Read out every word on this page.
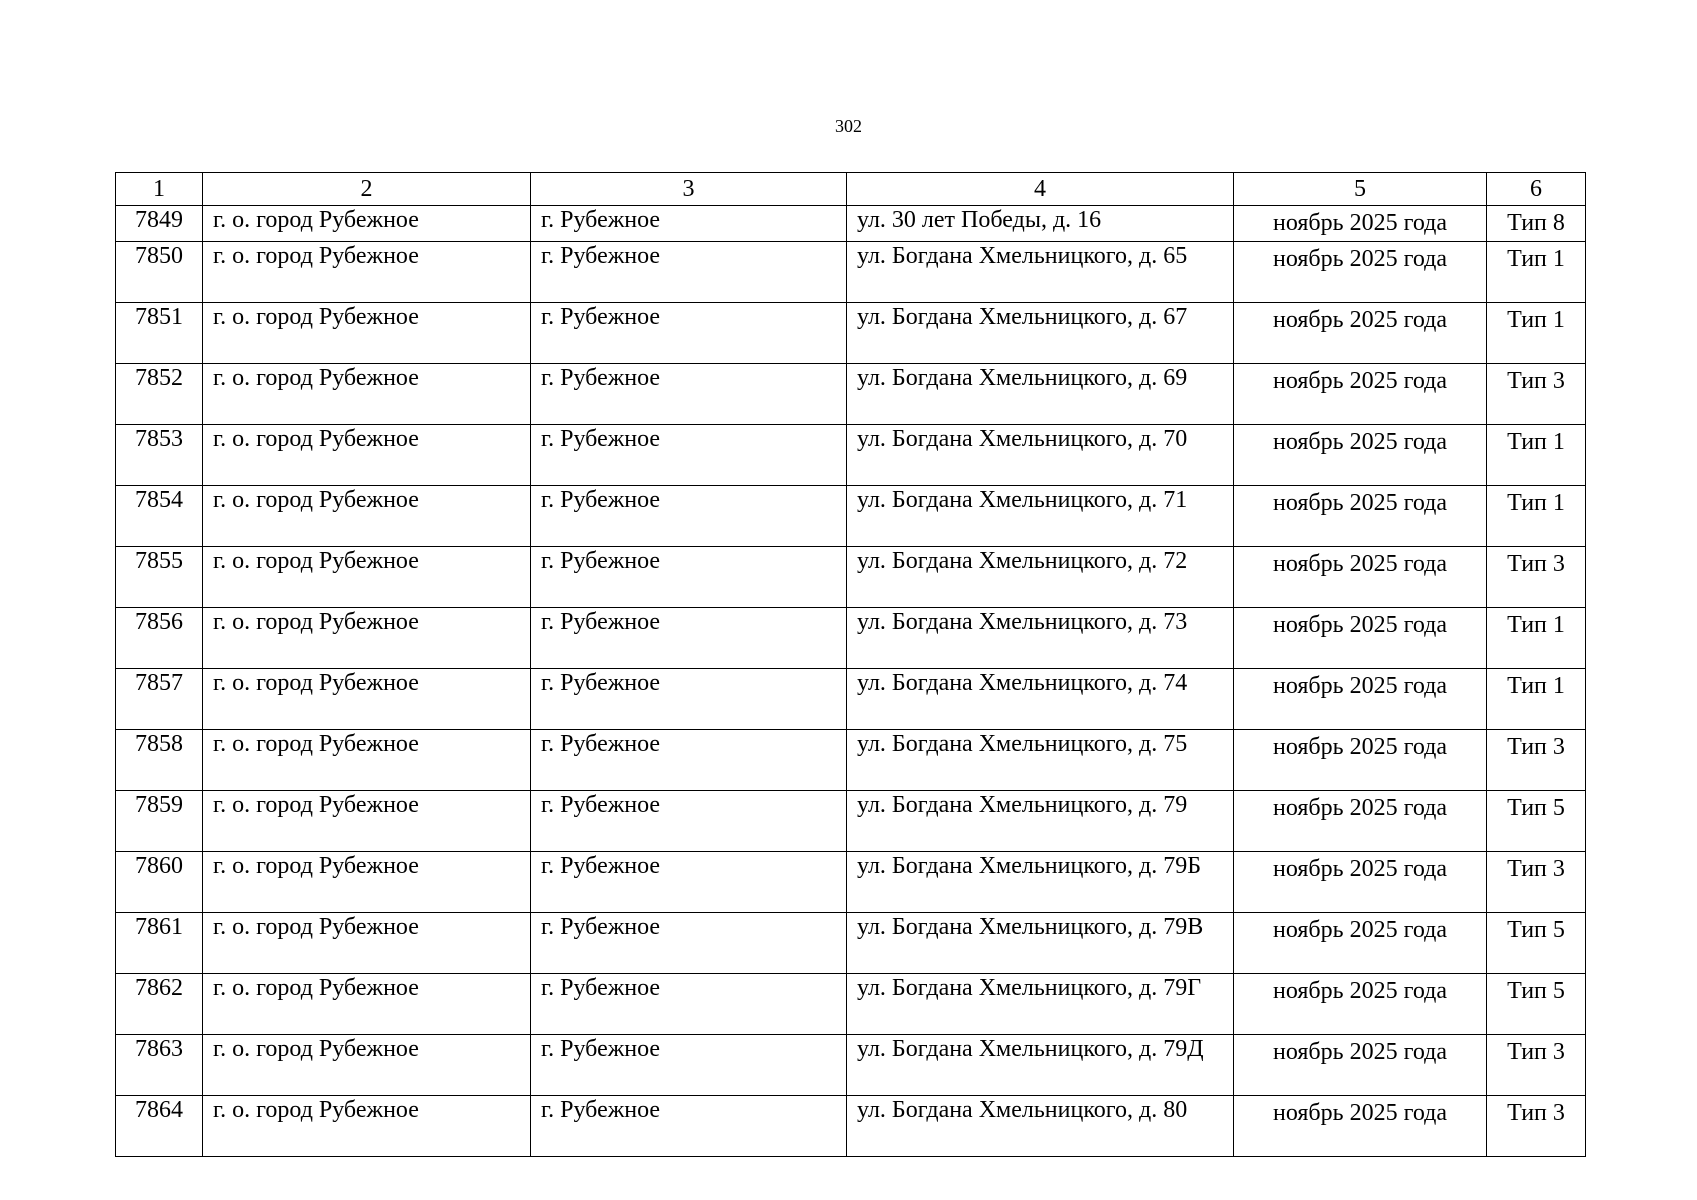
302
1	2	3	4	5	6

7849	г. о. город Рубежное	г. Рубежное	ул. 30 лет Победы, д. 16	ноябрь 2025 года	Тип 8
7850	г. о. город Рубежное	г. Рубежное	ул. Богдана Хмельницкого, д. 65	ноябрь 2025 года	Тип 1
7851	г. о. город Рубежное	г. Рубежное	ул. Богдана Хмельницкого, д. 67	ноябрь 2025 года	Тип 1
7852	г. о. город Рубежное	г. Рубежное	ул. Богдана Хмельницкого, д. 69	ноябрь 2025 года	Тип 3
7853	г. о. город Рубежное	г. Рубежное	ул. Богдана Хмельницкого, д. 70	ноябрь 2025 года	Тип 1
7854	г. о. город Рубежное	г. Рубежное	ул. Богдана Хмельницкого, д. 71	ноябрь 2025 года	Тип 1
7855	г. о. город Рубежное	г. Рубежное	ул. Богдана Хмельницкого, д. 72	ноябрь 2025 года	Тип 3
7856	г. о. город Рубежное	г. Рубежное	ул. Богдана Хмельницкого, д. 73	ноябрь 2025 года	Тип 1
7857	г. о. город Рубежное	г. Рубежное	ул. Богдана Хмельницкого, д. 74	ноябрь 2025 года	Тип 1
7858	г. о. город Рубежное	г. Рубежное	ул. Богдана Хмельницкого, д. 75	ноябрь 2025 года	Тип 3
7859	г. о. город Рубежное	г. Рубежное	ул. Богдана Хмельницкого, д. 79	ноябрь 2025 года	Тип 5
7860	г. о. город Рубежное	г. Рубежное	ул. Богдана Хмельницкого, д. 79Б	ноябрь 2025 года	Тип 3
7861	г. о. город Рубежное	г. Рубежное	ул. Богдана Хмельницкого, д. 79В	ноябрь 2025 года	Тип 5
7862	г. о. город Рубежное	г. Рубежное	ул. Богдана Хмельницкого, д. 79Г	ноябрь 2025 года	Тип 5
7863	г. о. город Рубежное	г. Рубежное	ул. Богдана Хмельницкого, д. 79Д	ноябрь 2025 года	Тип 3
7864	г. о. город Рубежное	г. Рубежное	ул. Богдана Хмельницкого, д. 80	ноябрь 2025 года	Тип 3
